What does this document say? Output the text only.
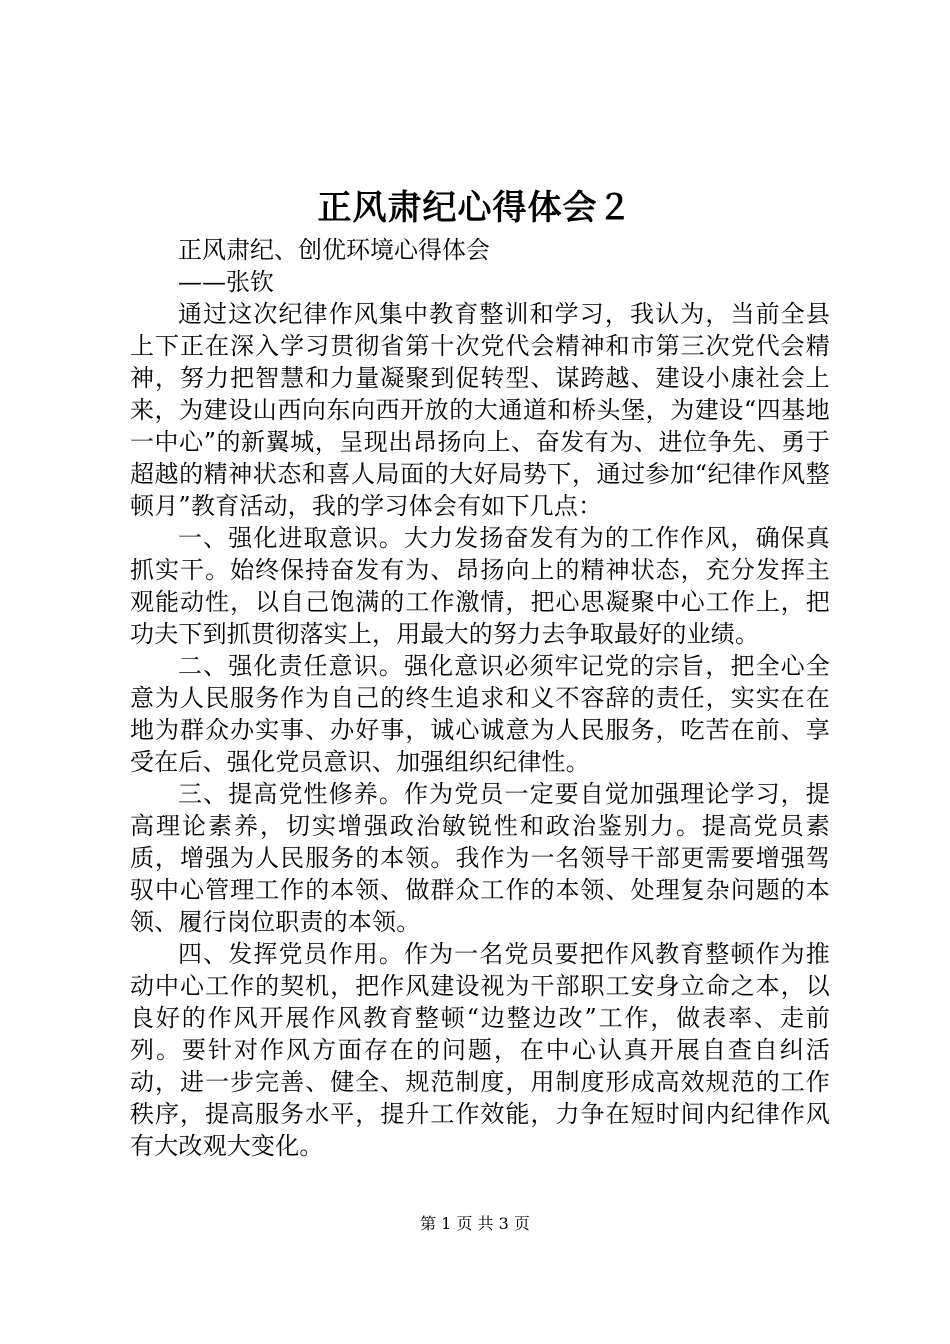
正风肃纪心得体会２

正风肃纪、创优环境心得体会

——张钦

通过这次纪律作风集中教育整训和学习，我认为，当前全县上下正在深入学习贯彻省第十次党代会精神和市第三次党代会精神，努力把智慧和力量凝聚到促转型、谋跨越、建设小康社会上来，为建设山西向东向西开放的大通道和桥头堡，为建设“四基地一中心”的新翼城，呈现出昂扬向上、奋发有为、进位争先、勇于超越的精神状态和喜人局面的大好局势下，通过参加“纪律作风整顿月”教育活动，我的学习体会有如下几点：

一、强化进取意识。大力发扬奋发有为的工作作风，确保真抓实干。始终保持奋发有为、昂扬向上的精神状态，充分发挥主观能动性，以自己饱满的工作激情，把心思凝聚中心工作上，把功夫下到抓贯彻落实上，用最大的努力去争取最好的业绩。

二、强化责任意识。强化意识必须牢记党的宗旨，把全心全意为人民服务作为自己的终生追求和义不容辞的责任，实实在在地为群众办实事、办好事，诚心诚意为人民服务，吃苦在前、享受在后、强化党员意识、加强组织纪律性。

三、提高党性修养。作为党员一定要自觉加强理论学习，提高理论素养，切实增强政治敏锐性和政治鉴别力。提高党员素质，增强为人民服务的本领。我作为一名领导干部更需要增强驾驭中心管理工作的本领、做群众工作的本领、处理复杂问题的本领、履行岗位职责的本领。

四、发挥党员作用。作为一名党员要把作风教育整顿作为推动中心工作的契机，把作风建设视为干部职工安身立命之本，以良好的作风开展作风教育整顿“边整边改”工作，做表率、走前列。要针对作风方面存在的问题，在中心认真开展自查自纠活动，进一步完善、健全、规范制度，用制度形成高效规范的工作秩序，提高服务水平，提升工作效能，力争在短时间内纪律作风有大改观大变化。

第 1 页 共 3 页
